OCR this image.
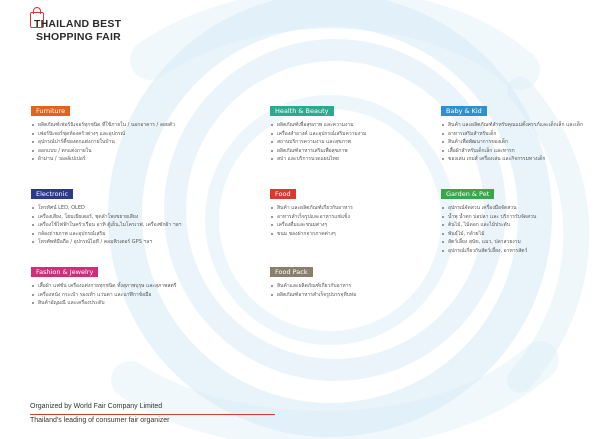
THAILAND BEST
SHOPPING FAIR
Furniture
ผลิตภัณฑ์เฟอร์นิเจอร์ทุกชนิด ที่ใช้ภายใน / นอกอาคาร / ลอยตัว
เฟอร์นิเจอร์ชุดห้องครัวต่างๆ และอุปกรณ์
อุปกรณ์ปาร์ตี้ของตกแต่งภายในบ้าน
ออกแบบ / ตกแต่งภายใน
ผ้าม่าน / วอลล์เปเปอร์
Health & Beauty
ผลิตภัณฑ์เพื่อสุขภาพ และความงาม
เครื่องสำอางค์ และอุปกรณ์เสริมความงาม
สถานบริการความงาม และสุขภาพ
ผลิตภัณฑ์อาหารเสริมเพื่อสุขภาพ
สปา และบริการนวดแผนไทย
Baby & Kid
สินค้า และผลิตภัณฑ์สำหรับคุณแม่ตั้งครรภ์และเด็กเล็ก และเด็ก
อาหารเสริมสำหรับเด็ก
สินค้าเพื่อพัฒนาการของเด็ก
เสื้อผ้าสำหรับเด็กเล็ก และทารก
ของเล่น เกมส์ เครื่องเล่น และกิจกรรมทางเด็ก
Electronic
โทรทัศน์ LED, OLED
เครื่องเสียง, โฮมเธียเตอร์, ชุดลำโพงขยายเสียง
เครื่องใช้ไฟฟ้าในครัวเรือน อาทิ ตู้เย็น,ไมโครเวฟ, เครื่องซักผ้า ฯลฯ
กล้องถ่ายภาพ และอุปกรณ์เสริม
โทรศัพท์มือถือ / อุปกรณ์ไอที / คอมพิวเตอร์ GPS ฯลฯ
Food
สินค้า และผลิตภัณฑ์เกี่ยวกับอาหาร
อาหารสำเร็จรูปและอาหารแช่แข็ง
เครื่องดื่มและขนมต่างๆ
ขนม ของฝากจากภาคต่างๆ
Garden & Pet
อุปกรณ์จัดสวน เครื่องมือจัดสวน
น้ำพุ น้ำตก บ่อปลา และ บริการรับจัดสวน
ต้นไม้, ไม้ดอก และไม้ประดับ
พันธุ์ไม้, กล้วยไม้
สัตว์เลี้ยง สุนัข, แมว, ปลาสวยงาม
อุปกรณ์เกี่ยวกับสัตว์เลี้ยง, อาหารสัตว์
Fashion & Jewelry
เสื้อผ้า แฟชั่น เครื่องแต่งกายทุกชนิด ทั้งสุภาพบุรุษ และสุภาพสตรี
เครื่องหนัง กระเป๋า รองเท้า แว่นตา และนาฬิกาข้อมือ
สินค้าอัญมณี และเครื่องประดับ
Food Pack
สินค้าและผลิตภัณฑ์เกี่ยวกับอาหาร
ผลิตภัณฑ์อาหารสำเร็จรูปบรรจุหีบห่อ
Organized by World Fair Company Limited
Thailand's leading of consumer fair organizer
